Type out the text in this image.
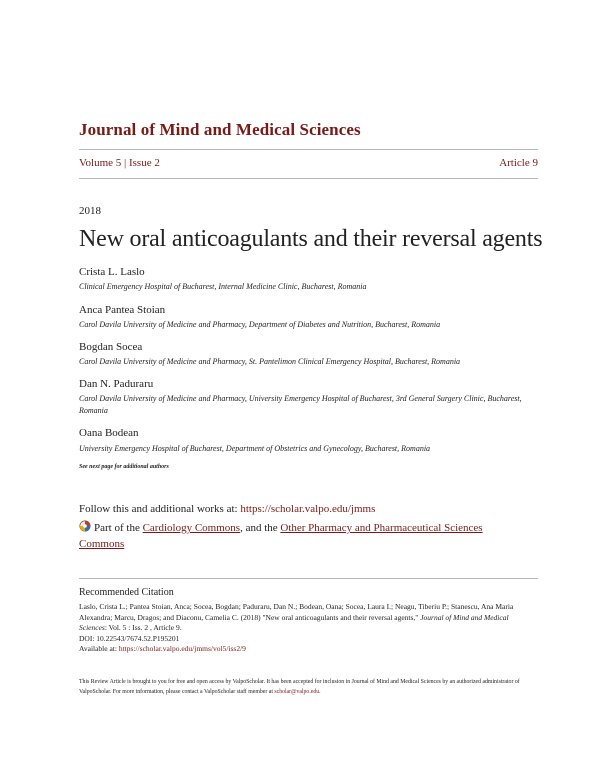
Journal of Mind and Medical Sciences
Volume 5 | Issue 2	Article 9
2018
New oral anticoagulants and their reversal agents
Crista L. Laslo
Clinical Emergency Hospital of Bucharest, Internal Medicine Clinic, Bucharest, Romania
Anca Pantea Stoian
Carol Davila University of Medicine and Pharmacy, Department of Diabetes and Nutrition, Bucharest, Romania
Bogdan Socea
Carol Davila University of Medicine and Pharmacy, St. Pantelimon Clinical Emergency Hospital, Bucharest, Romania
Dan N. Paduraru
Carol Davila University of Medicine and Pharmacy, University Emergency Hospital of Bucharest, 3rd General Surgery Clinic, Bucharest, Romania
Oana Bodean
University Emergency Hospital of Bucharest, Department of Obstetrics and Gynecology, Bucharest, Romania
See next page for additional authors
Follow this and additional works at: https://scholar.valpo.edu/jmms
Part of the Cardiology Commons, and the Other Pharmacy and Pharmaceutical Sciences Commons
Recommended Citation
Laslo, Crista L.; Pantea Stoian, Anca; Socea, Bogdan; Paduraru, Dan N.; Bodean, Oana; Socea, Laura I.; Neagu, Tiberiu P.; Stanescu, Ana Maria Alexandra; Marcu, Dragos; and Diaconu, Camelia C. (2018) "New oral anticoagulants and their reversal agents," Journal of Mind and Medical Sciences: Vol. 5 : Iss. 2 , Article 9.
DOI: 10.22543/7674.52.P195201
Available at: https://scholar.valpo.edu/jmms/vol5/iss2/9
This Review Article is brought to you for free and open access by ValpoScholar. It has been accepted for inclusion in Journal of Mind and Medical Sciences by an authorized administrator of ValpoScholar. For more information, please contact a ValpoScholar staff member at scholar@valpo.edu.
